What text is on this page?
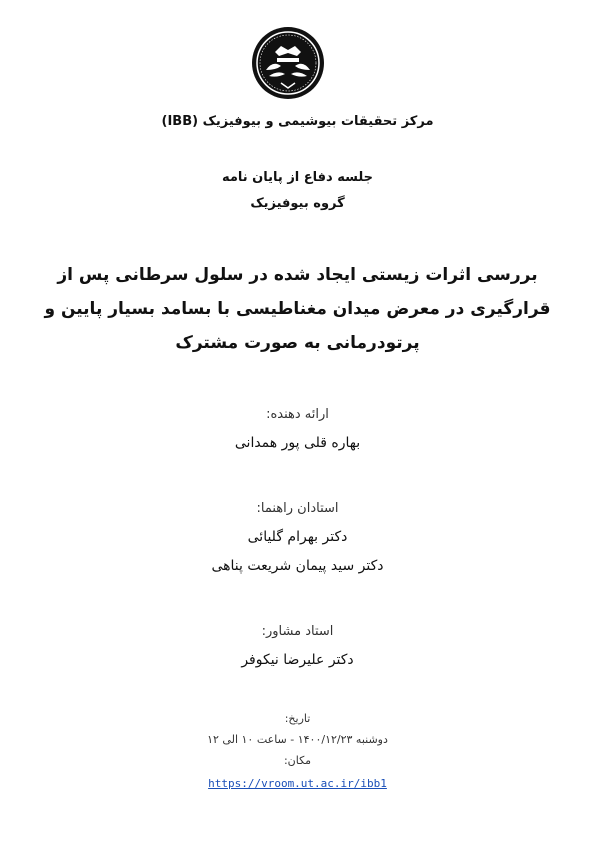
مرکز تحقیقات بیوشیمی و بیوفیزیک (IBB)
جلسه دفاع از پایان نامه
گروه بیوفیزیک
بررسی اثرات زیستی ایجاد شده در سلول سرطانی پس از
قرارگیری در معرض میدان مغناطیسی با بسامد بسیار پایین و
پرتودرمانی به صورت مشترک
ارائه دهنده:
بهاره قلی پور همدانی
استادان راهنما:
دکتر بهرام گلیائی
دکتر سید پیمان شریعت پناهی
استاد مشاور:
دکتر علیرضا نیکوفر
تاریخ:
دوشنبه ۱۴۰۰/۱۲/۲۳ - ساعت ۱۰ الی ۱۲
مکان:
https://vroom.ut.ac.ir/ibb1
